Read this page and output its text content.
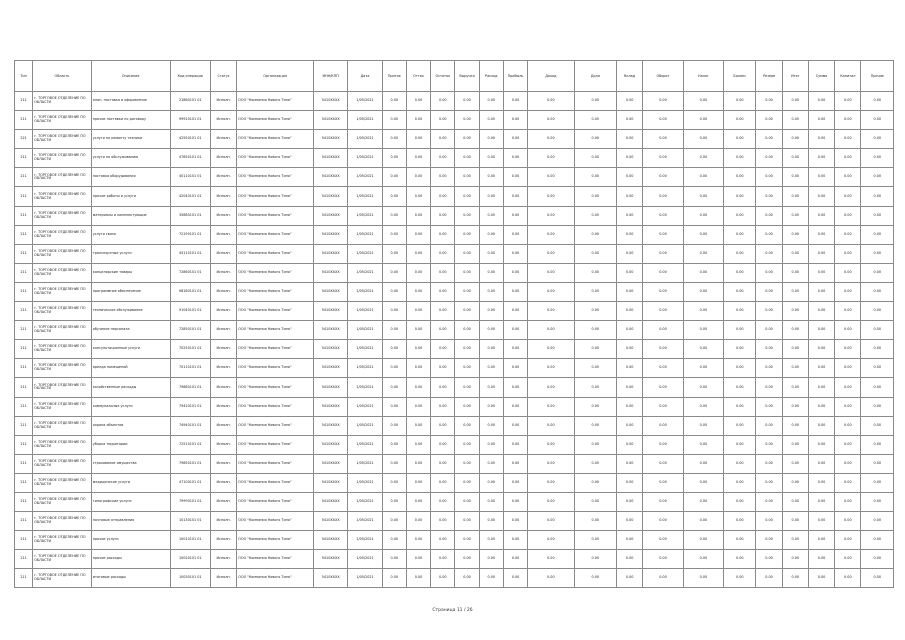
Тип	Область	Описание	Код операции	Статус	Организация	ИНН/КПП	Дата	Приток	Отток	Остаток	Выручка	Расход	Прибыль	Доход	Доля	Вклад	Оборот	Налог	Баланс	Резерв	Итог	Сумма	Капитал	Прочие
211	г. ТОРГОВОЕ ОТДЕЛЕНИЕ ПО ОБЛАСТИ	план, поставка и оформление	21880101 01	Исполн.	ООО "Компания Нового Типа"	5410XXXX	1/05/2021	0.00	0.00	0.00	0.00	0.00	0.00	0.00	0.00	0.00	0.00	0.00	0.00	0.00	0.00	0.00	0.00	0.00
211	г. ТОРГОВОЕ ОТДЕЛЕНИЕ ПО ОБЛАСТИ	прочие поставки по договору	99910101 01	Исполн.	ООО "Компания Нового Типа"	5410XXXX	1/05/2021	0.00	0.00	0.00	0.00	0.00	0.00	0.00	0.00	0.00	0.00	0.00	0.00	0.00	0.00	0.00	0.00	0.00
221	г. ТОРГОВОЕ ОТДЕЛЕНИЕ ПО ОБЛАСТИ	услуги по ремонту техники	42550101 01	Исполн.	ООО "Компания Нового Типа"	5410XXXX	1/05/2021	0.00	0.00	0.00	0.00	0.00	0.00	0.00	0.00	0.00	0.00	0.00	0.00	0.00	0.00	0.00	0.00	0.00
211	г. ТОРГОВОЕ ОТДЕЛЕНИЕ ПО ОБЛАСТИ	услуги по обслуживанию	47850101 01	Исполн.	ООО "Компания Нового Типа"	5410XXXX	1/05/2021	0.00	0.00	0.00	0.00	0.00	0.00	0.00	0.00	0.00	0.00	0.00	0.00	0.00	0.00	0.00	0.00	0.00
211	г. ТОРГОВОЕ ОТДЕЛЕНИЕ ПО ОБЛАСТИ	поставка оборудования	40110101 01	Исполн.	ООО "Компания Нового Типа"	5410XXXX	1/05/2021	0.00	0.00	0.00	0.00	0.00	0.00	0.00	0.00	0.00	0.00	0.00	0.00	0.00	0.00	0.00	0.00	0.00
211	г. ТОРГОВОЕ ОТДЕЛЕНИЕ ПО ОБЛАСТИ	прочие работы и услуги	42040101 01	Исполн.	ООО "Компания Нового Типа"	5410XXXX	1/05/2021	0.00	0.00	0.00	0.00	0.00	0.00	0.00	0.00	0.00	0.00	0.00	0.00	0.00	0.00	0.00	0.00	0.00
211	г. ТОРГОВОЕ ОТДЕЛЕНИЕ ПО ОБЛАСТИ	материалы и комплектующие	35880101 01	Исполн.	ООО "Компания Нового Типа"	5410XXXX	1/05/2021	0.00	0.00	0.00	0.00	0.00	0.00	0.00	0.00	0.00	0.00	0.00	0.00	0.00	0.00	0.00	0.00	0.00
211	г. ТОРГОВОЕ ОТДЕЛЕНИЕ ПО ОБЛАСТИ	услуги связи	72190101 01	Исполн.	ООО "Компания Нового Типа"	5410XXXX	1/05/2021	0.00	0.00	0.00	0.00	0.00	0.00	0.00	0.00	0.00	0.00	0.00	0.00	0.00	0.00	0.00	0.00	0.00
211	г. ТОРГОВОЕ ОТДЕЛЕНИЕ ПО ОБЛАСТИ	транспортные услуги	45110101 01	Исполн.	ООО "Компания Нового Типа"	5410XXXX	1/05/2021	0.00	0.00	0.00	0.00	0.00	0.00	0.00	0.00	0.00	0.00	0.00	0.00	0.00	0.00	0.00	0.00	0.00
211	г. ТОРГОВОЕ ОТДЕЛЕНИЕ ПО ОБЛАСТИ	канцелярские товары	72860101 01	Исполн.	ООО "Компания Нового Типа"	5410XXXX	1/05/2021	0.00	0.00	0.00	0.00	0.00	0.00	0.00	0.00	0.00	0.00	0.00	0.00	0.00	0.00	0.00	0.00	0.00
211	г. ТОРГОВОЕ ОТДЕЛЕНИЕ ПО ОБЛАСТИ	программное обеспечение	98180101 01	Исполн.	ООО "Компания Нового Типа"	5410XXXX	1/05/2021	0.00	0.00	0.00	0.00	0.00	0.00	0.00	0.00	0.00	0.00	0.00	0.00	0.00	0.00	0.00	0.00	0.00
211	г. ТОРГОВОЕ ОТДЕЛЕНИЕ ПО ОБЛАСТИ	техническое обслуживание	91040101 01	Исполн.	ООО "Компания Нового Типа"	5410XXXX	1/05/2021	0.00	0.00	0.00	0.00	0.00	0.00	0.00	0.00	0.00	0.00	0.00	0.00	0.00	0.00	0.00	0.00	0.00
211	г. ТОРГОВОЕ ОТДЕЛЕНИЕ ПО ОБЛАСТИ	обучение персонала	72850101 01	Исполн.	ООО "Компания Нового Типа"	5410XXXX	1/05/2021	0.00	0.00	0.00	0.00	0.00	0.00	0.00	0.00	0.00	0.00	0.00	0.00	0.00	0.00	0.00	0.00	0.00
211	г. ТОРГОВОЕ ОТДЕЛЕНИЕ ПО ОБЛАСТИ	консультационные услуги	70250101 01	Исполн.	ООО "Компания Нового Типа"	5410XXXX	1/05/2021	0.00	0.00	0.00	0.00	0.00	0.00	0.00	0.00	0.00	0.00	0.00	0.00	0.00	0.00	0.00	0.00	0.00
211	г. ТОРГОВОЕ ОТДЕЛЕНИЕ ПО ОБЛАСТИ	аренда помещений	70110101 01	Исполн.	ООО "Компания Нового Типа"	5410XXXX	1/05/2021	0.00	0.00	0.00	0.00	0.00	0.00	0.00	0.00	0.00	0.00	0.00	0.00	0.00	0.00	0.00	0.00	0.00
211	г. ТОРГОВОЕ ОТДЕЛЕНИЕ ПО ОБЛАСТИ	хозяйственные расходы	79880101 01	Исполн.	ООО "Компания Нового Типа"	5410XXXX	1/05/2021	0.00	0.00	0.00	0.00	0.00	0.00	0.00	0.00	0.00	0.00	0.00	0.00	0.00	0.00	0.00	0.00	0.00
211	г. ТОРГОВОЕ ОТДЕЛЕНИЕ ПО ОБЛАСТИ	коммунальные услуги	79420101 01	Исполн.	ООО "Компания Нового Типа"	5410XXXX	1/05/2021	0.00	0.00	0.00	0.00	0.00	0.00	0.00	0.00	0.00	0.00	0.00	0.00	0.00	0.00	0.00	0.00	0.00
211	г. ТОРГОВОЕ ОТДЕЛЕНИЕ ПО ОБЛАСТИ	охрана объектов	74940101 01	Исполн.	ООО "Компания Нового Типа"	5410XXXX	1/05/2021	0.00	0.00	0.00	0.00	0.00	0.00	0.00	0.00	0.00	0.00	0.00	0.00	0.00	0.00	0.00	0.00	0.00
211	г. ТОРГОВОЕ ОТДЕЛЕНИЕ ПО ОБЛАСТИ	уборка территории	72510101 01	Исполн.	ООО "Компания Нового Типа"	5410XXXX	1/05/2021	0.00	0.00	0.00	0.00	0.00	0.00	0.00	0.00	0.00	0.00	0.00	0.00	0.00	0.00	0.00	0.00	0.00
211	г. ТОРГОВОЕ ОТДЕЛЕНИЕ ПО ОБЛАСТИ	страхование имущества	79850101 01	Исполн.	ООО "Компания Нового Типа"	5410XXXX	1/05/2021	0.00	0.00	0.00	0.00	0.00	0.00	0.00	0.00	0.00	0.00	0.00	0.00	0.00	0.00	0.00	0.00	0.00
211	г. ТОРГОВОЕ ОТДЕЛЕНИЕ ПО ОБЛАСТИ	медицинские услуги	47100101 01	Исполн.	ООО "Компания Нового Типа"	5410XXXX	1/05/2021	0.00	0.00	0.00	0.00	0.00	0.00	0.00	0.00	0.00	0.00	0.00	0.00	0.00	0.00	0.00	0.00	0.00
211	г. ТОРГОВОЕ ОТДЕЛЕНИЕ ПО ОБЛАСТИ	типографские услуги	79990101 01	Исполн.	ООО "Компания Нового Типа"	5410XXXX	1/05/2021	0.00	0.00	0.00	0.00	0.00	0.00	0.00	0.00	0.00	0.00	0.00	0.00	0.00	0.00	0.00	0.00	0.00
211	г. ТОРГОВОЕ ОТДЕЛЕНИЕ ПО ОБЛАСТИ	почтовые отправления	10130101 01	Исполн.	ООО "Компания Нового Типа"	5410XXXX	1/05/2021	0.00	0.00	0.00	0.00	0.00	0.00	0.00	0.00	0.00	0.00	0.00	0.00	0.00	0.00	0.00	0.00	0.00
211	г. ТОРГОВОЕ ОТДЕЛЕНИЕ ПО ОБЛАСТИ	прочие услуги	10010101 01	Исполн.	ООО "Компания Нового Типа"	5410XXXX	1/05/2021	0.00	0.00	0.00	0.00	0.00	0.00	0.00	0.00	0.00	0.00	0.00	0.00	0.00	0.00	0.00	0.00	0.00
211	г. ТОРГОВОЕ ОТДЕЛЕНИЕ ПО ОБЛАСТИ	прочие расходы	10020101 01	Исполн.	ООО "Компания Нового Типа"	5410XXXX	1/05/2021	0.00	0.00	0.00	0.00	0.00	0.00	0.00	0.00	0.00	0.00	0.00	0.00	0.00	0.00	0.00	0.00	0.00
211	г. ТОРГОВОЕ ОТДЕЛЕНИЕ ПО ОБЛАСТИ	итоговые расходы	10030101 01	Исполн.	ООО "Компания Нового Типа"	5410XXXX	1/05/2021	0.00	0.00	0.00	0.00	0.00	0.00	0.00	0.00	0.00	0.00	0.00	0.00	0.00	0.00	0.00	0.00	0.00
Страница 11 / 26
